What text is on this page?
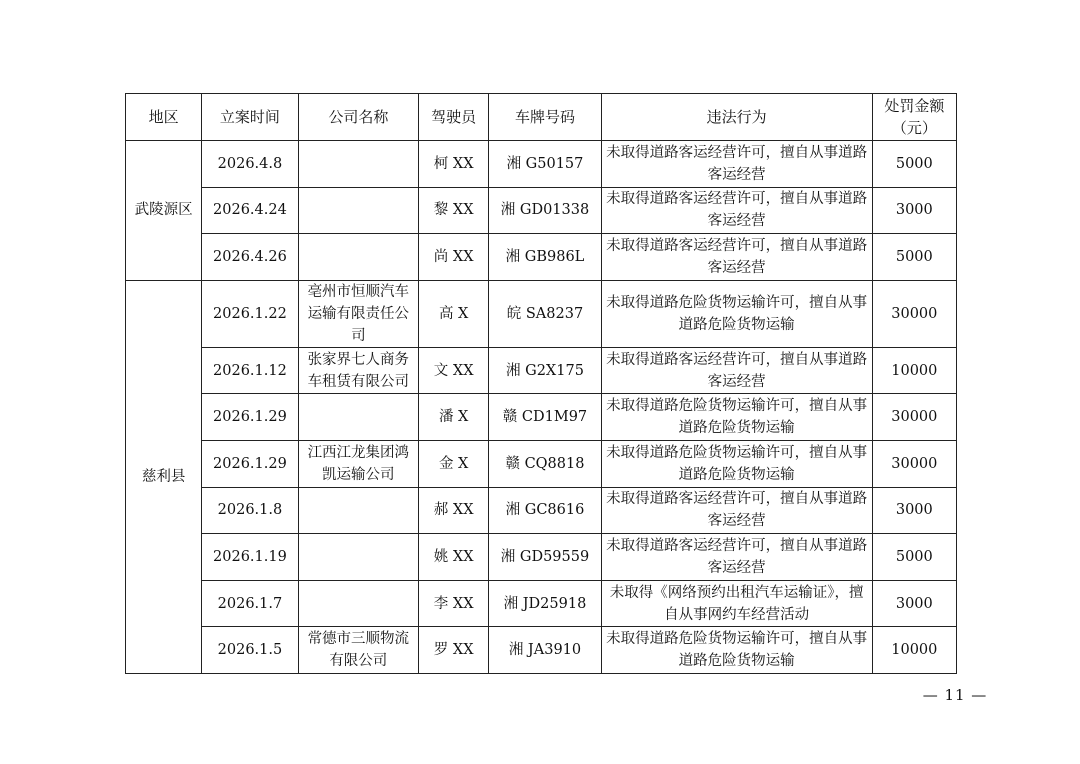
地区	立案时间	公司名称	驾驶员	车牌号码	违法行为	处罚金额（元）

武陵源区	2026.4.8		柯 XX	湘 G50157	未取得道路客运经营许可，擅自从事道路客运经营	5000

	2026.4.24		黎 XX	湘 GD01338	未取得道路客运经营许可，擅自从事道路客运经营	3000

	2026.4.26		尚 XX	湘 GB986L	未取得道路客运经营许可，擅自从事道路客运经营	5000

慈利县	2026.1.22	亳州市恒顺汽车运输有限责任公司	高 X	皖 SA8237	未取得道路危险货物运输许可，擅自从事道路危险货物运输	30000

	2026.1.12	张家界七人商务车租赁有限公司	文 XX	湘 G2X175	未取得道路客运经营许可，擅自从事道路客运经营	10000

	2026.1.29		潘 X	赣 CD1M97	未取得道路危险货物运输许可，擅自从事道路危险货物运输	30000

	2026.1.29	江西江龙集团鸿凯运输公司	金 X	赣 CQ8818	未取得道路危险货物运输许可，擅自从事道路危险货物运输	30000

	2026.1.8		郝 XX	湘 GC8616	未取得道路客运经营许可，擅自从事道路客运经营	3000

	2026.1.19		姚 XX	湘 GD59559	未取得道路客运经营许可，擅自从事道路客运经营	5000

	2026.1.7		李 XX	湘 JD25918	未取得《网络预约出租汽车运输证》，擅自从事网约车经营活动	3000

	2026.1.5	常德市三顺物流有限公司	罗 XX	湘 JA3910	未取得道路危险货物运输许可，擅自从事道路危险货物运输	10000
— 11 —
